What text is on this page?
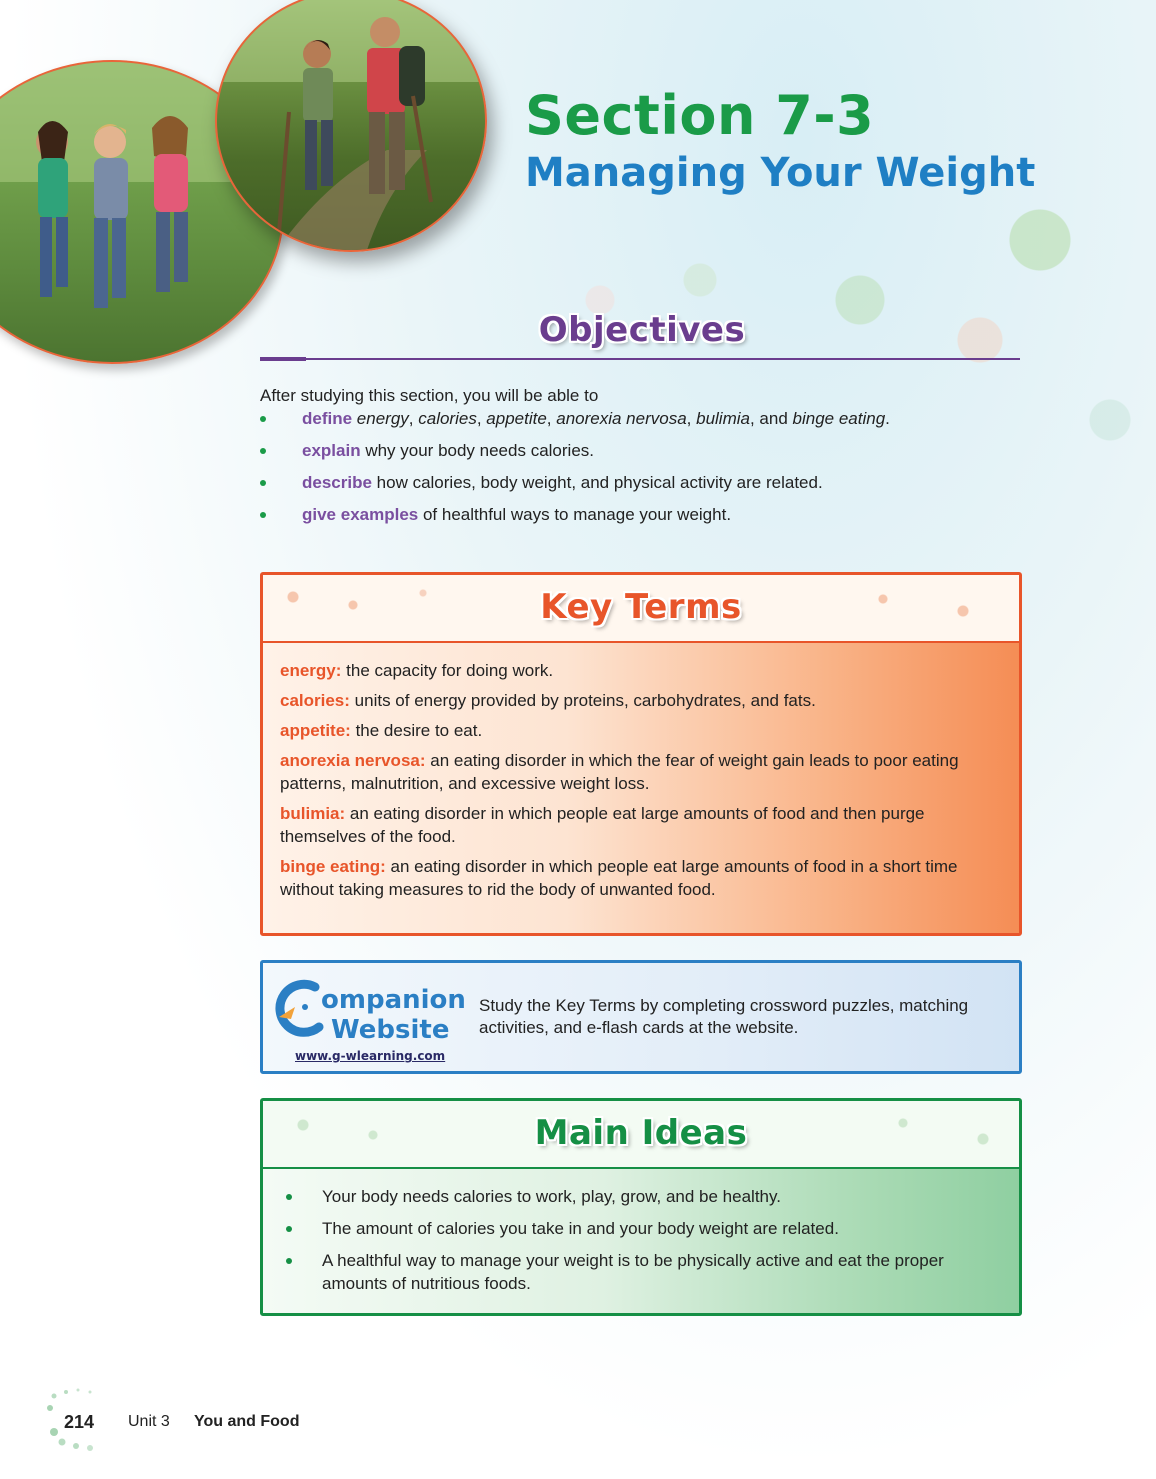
Section 7-3
Managing Your Weight
Objectives
After studying this section, you will be able to
define energy, calories, appetite, anorexia nervosa, bulimia, and binge eating.
explain why your body needs calories.
describe how calories, body weight, and physical activity are related.
give examples of healthful ways to manage your weight.
Key Terms
energy: the capacity for doing work.
calories: units of energy provided by proteins, carbohydrates, and fats.
appetite: the desire to eat.
anorexia nervosa: an eating disorder in which the fear of weight gain leads to poor eating patterns, malnutrition, and excessive weight loss.
bulimia: an eating disorder in which people eat large amounts of food and then purge themselves of the food.
binge eating: an eating disorder in which people eat large amounts of food in a short time without taking measures to rid the body of unwanted food.
ompanion
Website
www.g-wlearning.com
Study the Key Terms by completing crossword puzzles, matching activities, and e-flash cards at the website.
Main Ideas
Your body needs calories to work, play, grow, and be healthy.
The amount of calories you take in and your body weight are related.
A healthful way to manage your weight is to be physically active and eat the proper amounts of nutritious foods.
214 Unit 3 You and Food
